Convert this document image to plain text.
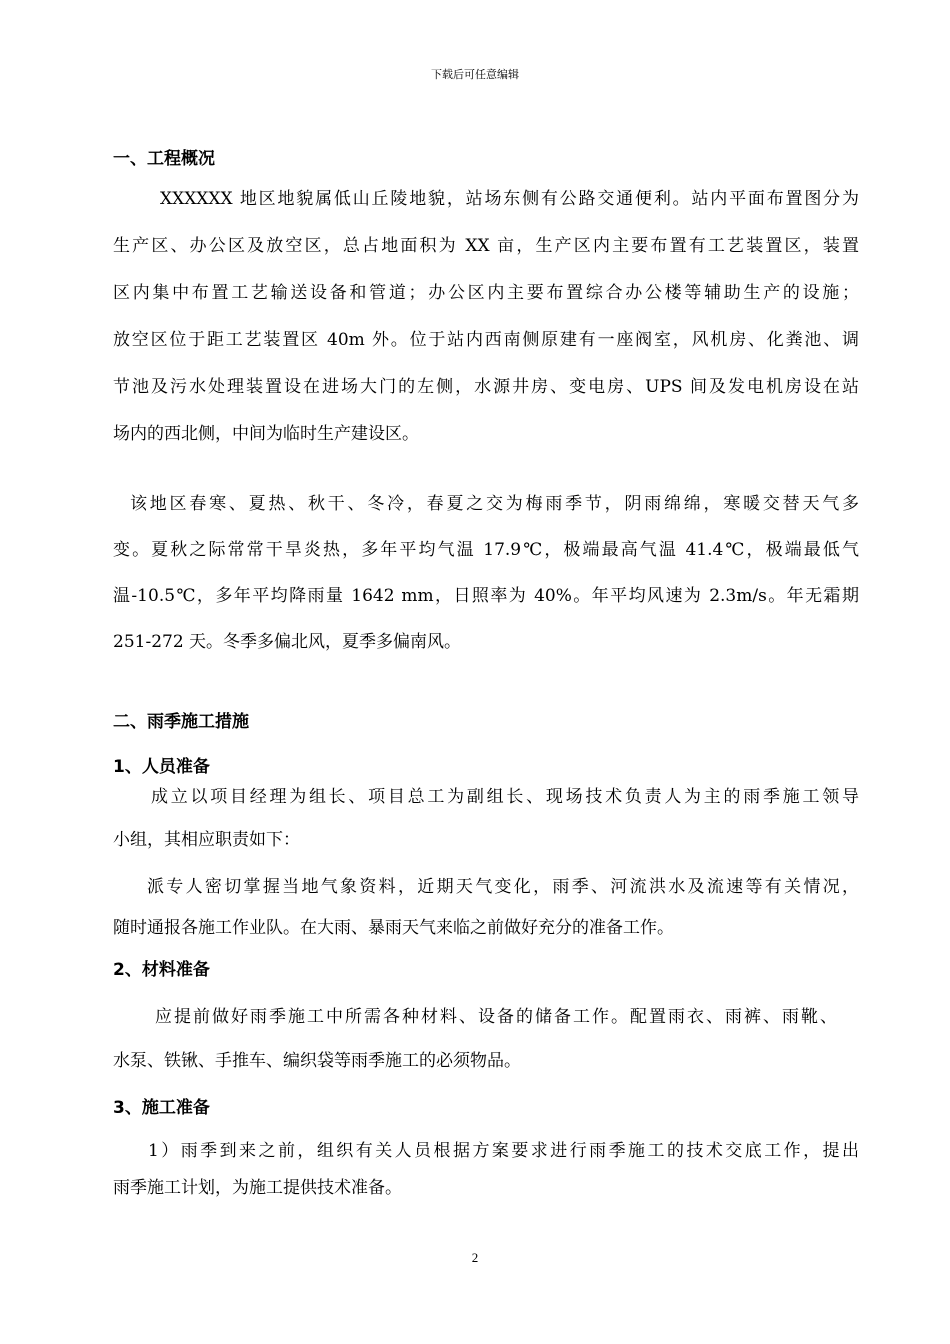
下载后可任意编辑
一、工程概况
XXXXXX 地区地貌属低山丘陵地貌，站场东侧有公路交通便利。站内平面布置图分为
生产区、办公区及放空区，总占地面积为 XX 亩，生产区内主要布置有工艺装置区，装置
区内集中布置工艺输送设备和管道；办公区内主要布置综合办公楼等辅助生产的设施；
放空区位于距工艺装置区 40m 外。位于站内西南侧原建有一座阀室，风机房、化粪池、调
节池及污水处理装置设在进场大门的左侧，水源井房、变电房、UPS 间及发电机房设在站
场内的西北侧，中间为临时生产建设区。
该地区春寒、夏热、秋干、冬冷，春夏之交为梅雨季节，阴雨绵绵，寒暖交替天气多
变。夏秋之际常常干旱炎热，多年平均气温 17.9℃，极端最高气温 41.4℃，极端最低气
温-10.5℃，多年平均降雨量 1642 mm，日照率为 40%。年平均风速为 2.3m/s。年无霜期
251-272 天。冬季多偏北风，夏季多偏南风。
二、雨季施工措施
1、人员准备
成立以项目经理为组长、项目总工为副组长、现场技术负责人为主的雨季施工领导
小组，其相应职责如下：
派专人密切掌握当地气象资料，近期天气变化，雨季、河流洪水及流速等有关情况，
随时通报各施工作业队。在大雨、暴雨天气来临之前做好充分的准备工作。
2、材料准备
应提前做好雨季施工中所需各种材料、设备的储备工作。配置雨衣、雨裤、雨靴、
水泵、铁锹、手推车、编织袋等雨季施工的必须物品。
3、施工准备
1）雨季到来之前，组织有关人员根据方案要求进行雨季施工的技术交底工作，提出
雨季施工计划，为施工提供技术准备。
2
